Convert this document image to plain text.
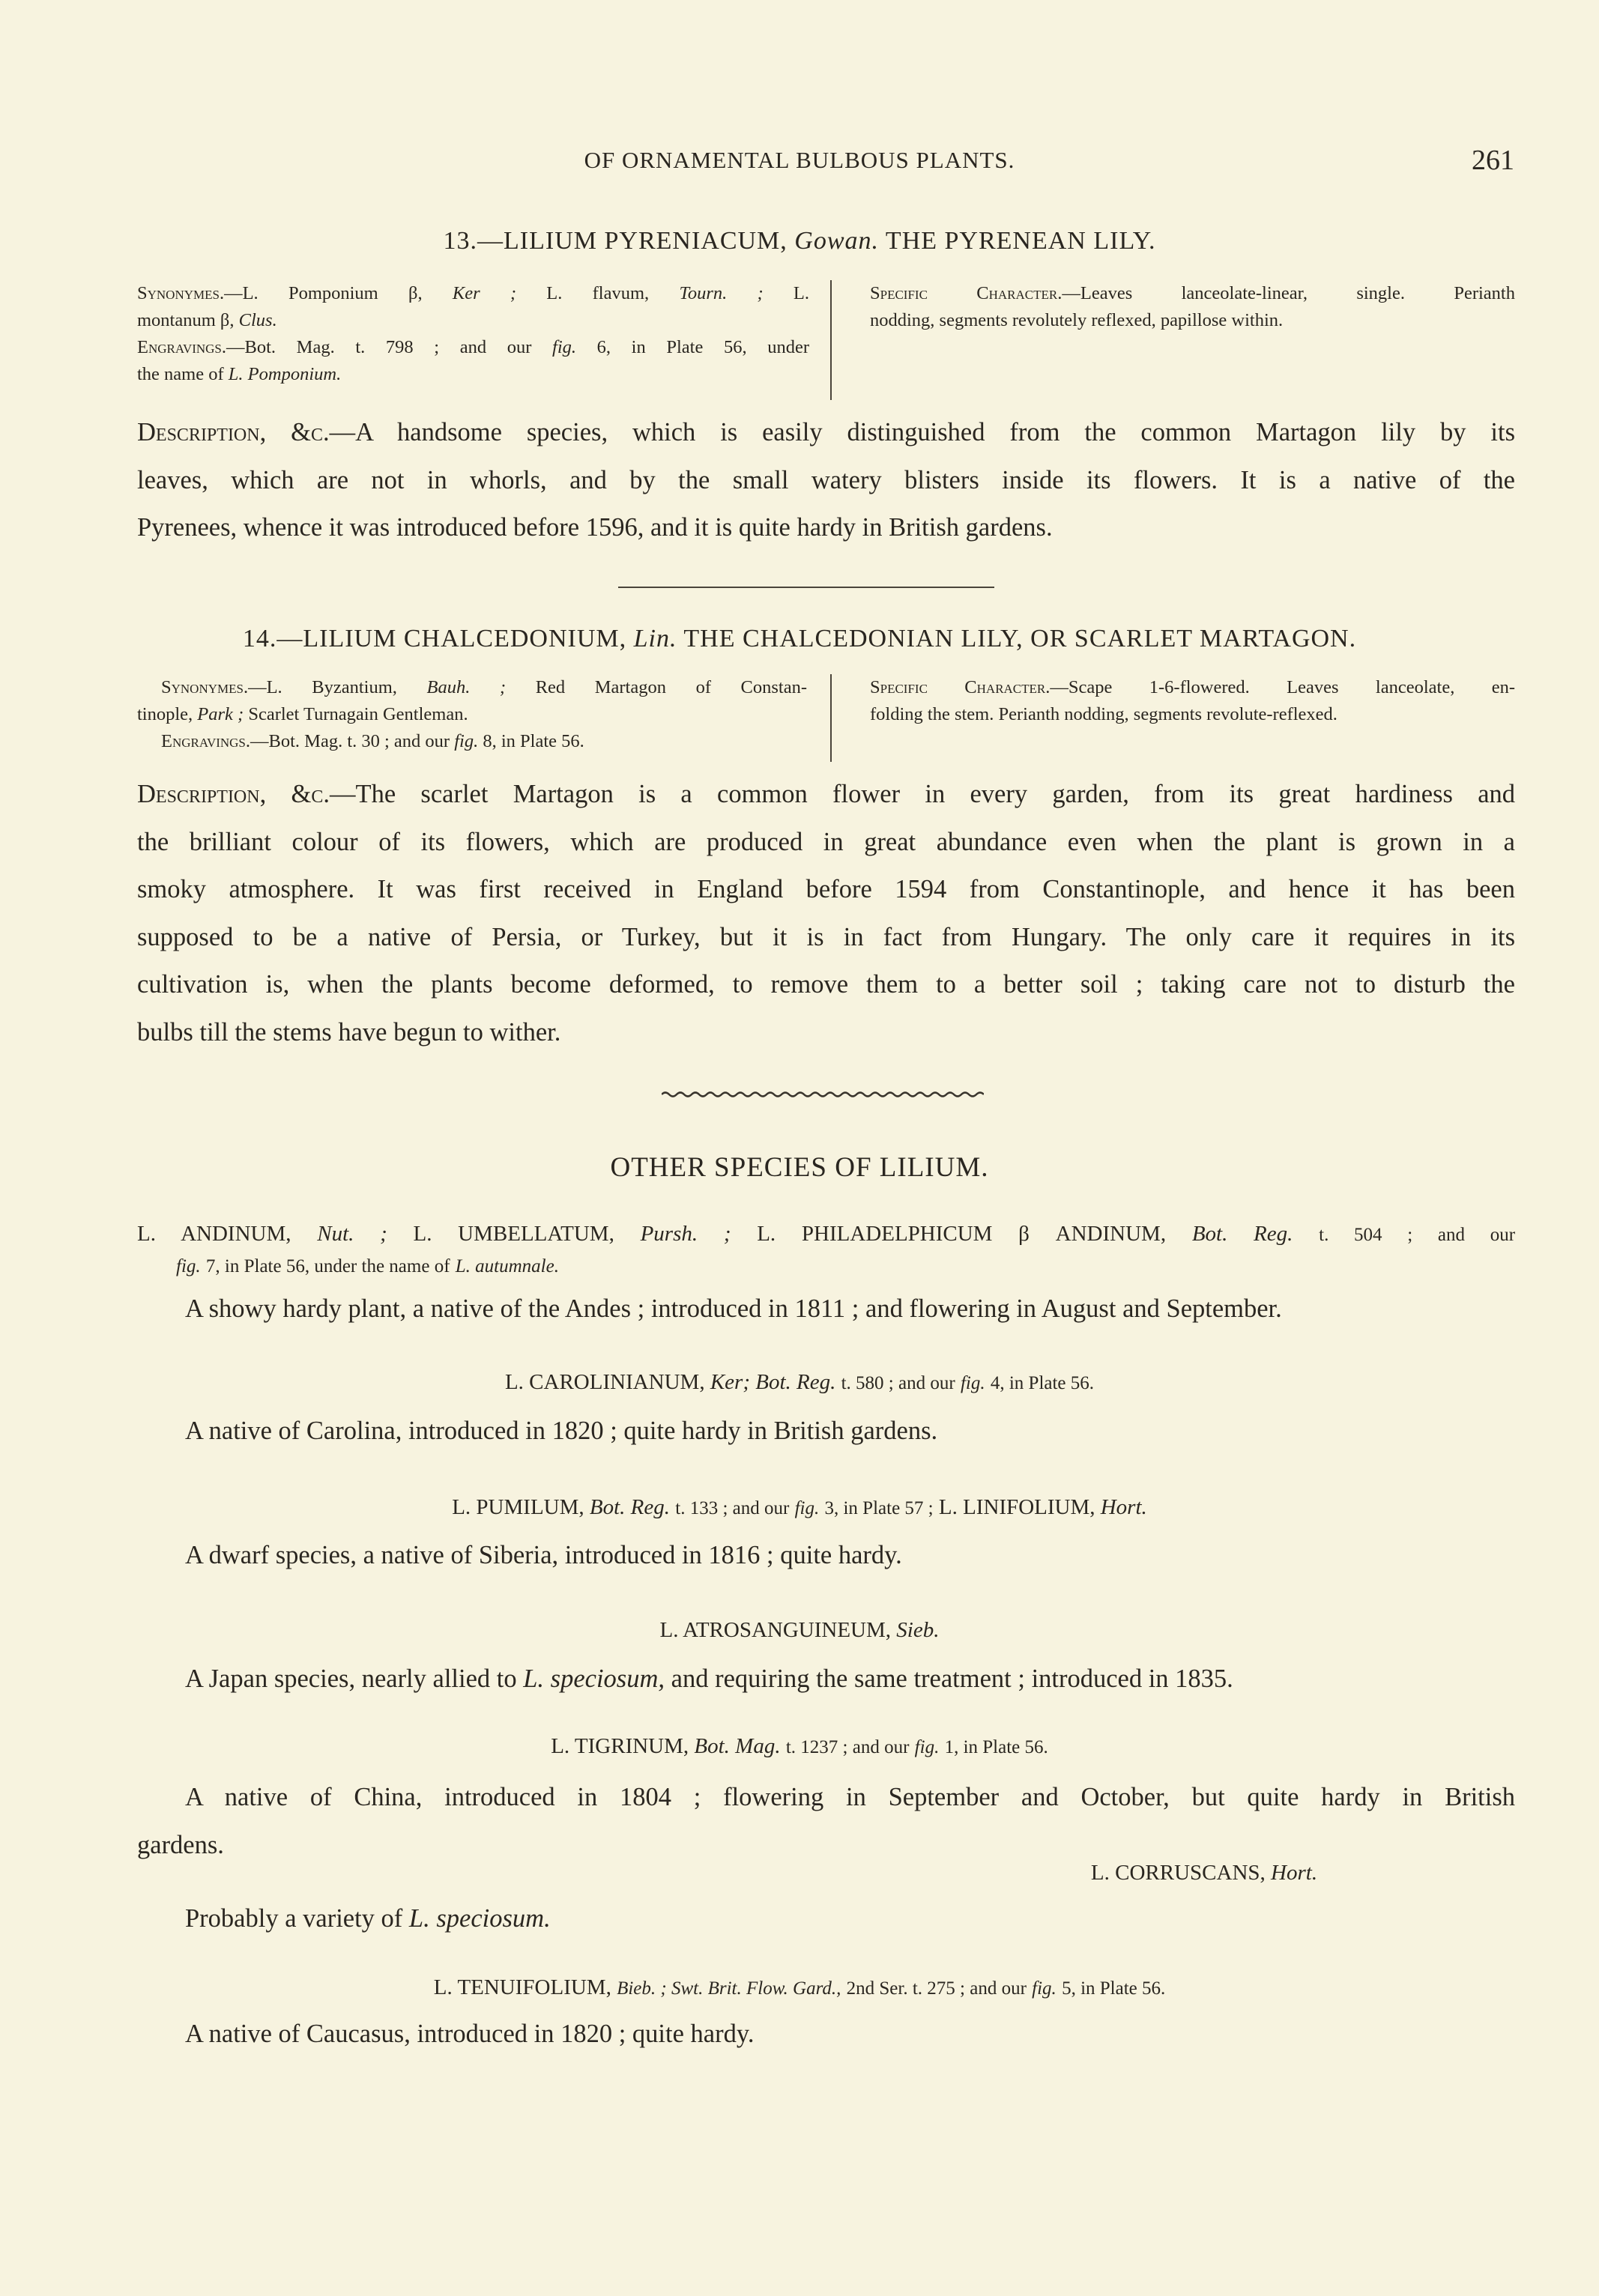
OF ORNAMENTAL BULBOUS PLANTS.	261
13.—LILIUM PYRENIACUM, Gowan. THE PYRENEAN LILY.
Synonymes.—L. Pomponium β, Ker ; L. flavum, Tourn. ; L.
montanum β, Clus.
Engravings.—Bot. Mag. t. 798 ; and our fig. 6, in Plate 56, under
the name of L. Pomponium.
Specific Character.—Leaves lanceolate-linear, single. Perianth
nodding, segments revolutely reflexed, papillose within.
Description, &c.—A handsome species, which is easily distinguished from the common Martagon lily by its
leaves, which are not in whorls, and by the small watery blisters inside its flowers. It is a native of the
Pyrenees, whence it was introduced before 1596, and it is quite hardy in British gardens.
14.—LILIUM CHALCEDONIUM, Lin. THE CHALCEDONIAN LILY, OR SCARLET MARTAGON.
Synonymes.—L. Byzantium, Bauh. ; Red Martagon of Constan-
tinople, Park ; Scarlet Turnagain Gentleman.
Engravings.—Bot. Mag. t. 30 ; and our fig. 8, in Plate 56.
Specific Character.—Scape 1-6-flowered. Leaves lanceolate, en-
folding the stem. Perianth nodding, segments revolute-reflexed.
Description, &c.—The scarlet Martagon is a common flower in every garden, from its great hardiness and
the brilliant colour of its flowers, which are produced in great abundance even when the plant is grown in a
smoky atmosphere. It was first received in England before 1594 from Constantinople, and hence it has been
supposed to be a native of Persia, or Turkey, but it is in fact from Hungary. The only care it requires in its
cultivation is, when the plants become deformed, to remove them to a better soil ; taking care not to disturb the
bulbs till the stems have begun to wither.
OTHER SPECIES OF LILIUM.
L. ANDINUM, Nut. ; L. UMBELLATUM, Pursh. ; L. PHILADELPHICUM β ANDINUM, Bot. Reg. t. 504 ; and our
fig. 7, in Plate 56, under the name of L. autumnale.
A showy hardy plant, a native of the Andes ; introduced in 1811 ; and flowering in August and September.
L. CAROLINIANUM, Ker; Bot. Reg. t. 580 ; and our fig. 4, in Plate 56.
A native of Carolina, introduced in 1820 ; quite hardy in British gardens.
L. PUMILUM, Bot. Reg. t. 133 ; and our fig. 3, in Plate 57 ; L. LINIFOLIUM, Hort.
A dwarf species, a native of Siberia, introduced in 1816 ; quite hardy.
L. ATROSANGUINEUM, Sieb.
A Japan species, nearly allied to L. speciosum, and requiring the same treatment ; introduced in 1835.
L. TIGRINUM, Bot. Mag. t. 1237 ; and our fig. 1, in Plate 56.
A native of China, introduced in 1804 ; flowering in September and October, but quite hardy in British
gardens.
L. CORRUSCANS, Hort.
Probably a variety of L. speciosum.
L. TENUIFOLIUM, Bieb. ; Swt. Brit. Flow. Gard., 2nd Ser. t. 275 ; and our fig. 5, in Plate 56.
A native of Caucasus, introduced in 1820 ; quite hardy.
